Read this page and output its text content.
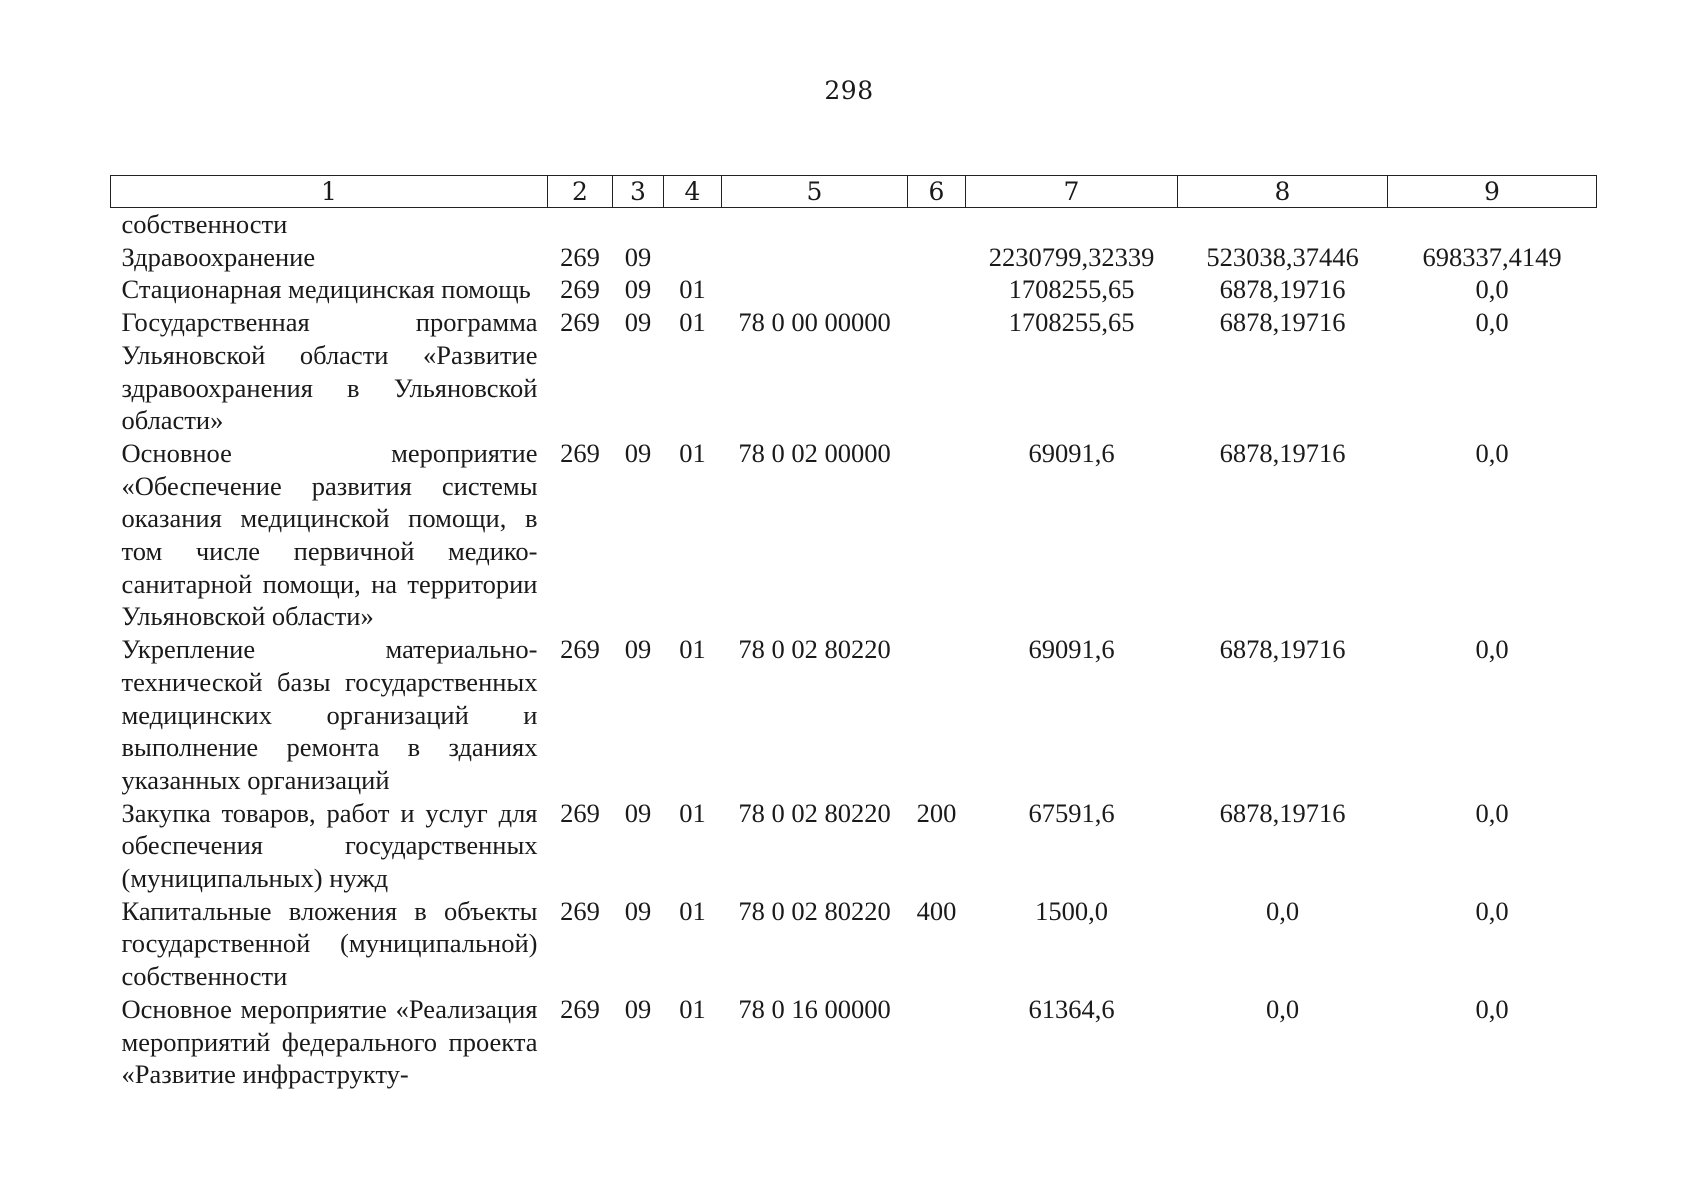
298
1	2	3	4	5	6	7	8	9
собственности								
Здравоохранение	269	09				2230799,32339	523038,37446	698337,4149
Стационарная медицинская помощь	269	09	01			1708255,65	6878,19716	0,0
Государственная программа Ульяновской области «Развитие здравоохранения в Ульяновской области»	269	09	01	78 0 00 00000		1708255,65	6878,19716	0,0
Основное мероприятие «Обеспечение развития системы оказания медицинской помощи, в том числе первичной медико-санитарной помощи, на территории Ульяновской области»	269	09	01	78 0 02 00000		69091,6	6878,19716	0,0
Укрепление материально-технической базы государственных медицинских организаций и выполнение ремонта в зданиях указанных организаций	269	09	01	78 0 02 80220		69091,6	6878,19716	0,0
Закупка товаров, работ и услуг для обеспечения государственных (муниципальных) нужд	269	09	01	78 0 02 80220	200	67591,6	6878,19716	0,0
Капитальные вложения в объекты государственной (муниципальной) собственности	269	09	01	78 0 02 80220	400	1500,0	0,0	0,0
Основное мероприятие «Реализация мероприятий федерального проекта «Развитие инфраструкту-	269	09	01	78 0 16 00000		61364,6	0,0	0,0
